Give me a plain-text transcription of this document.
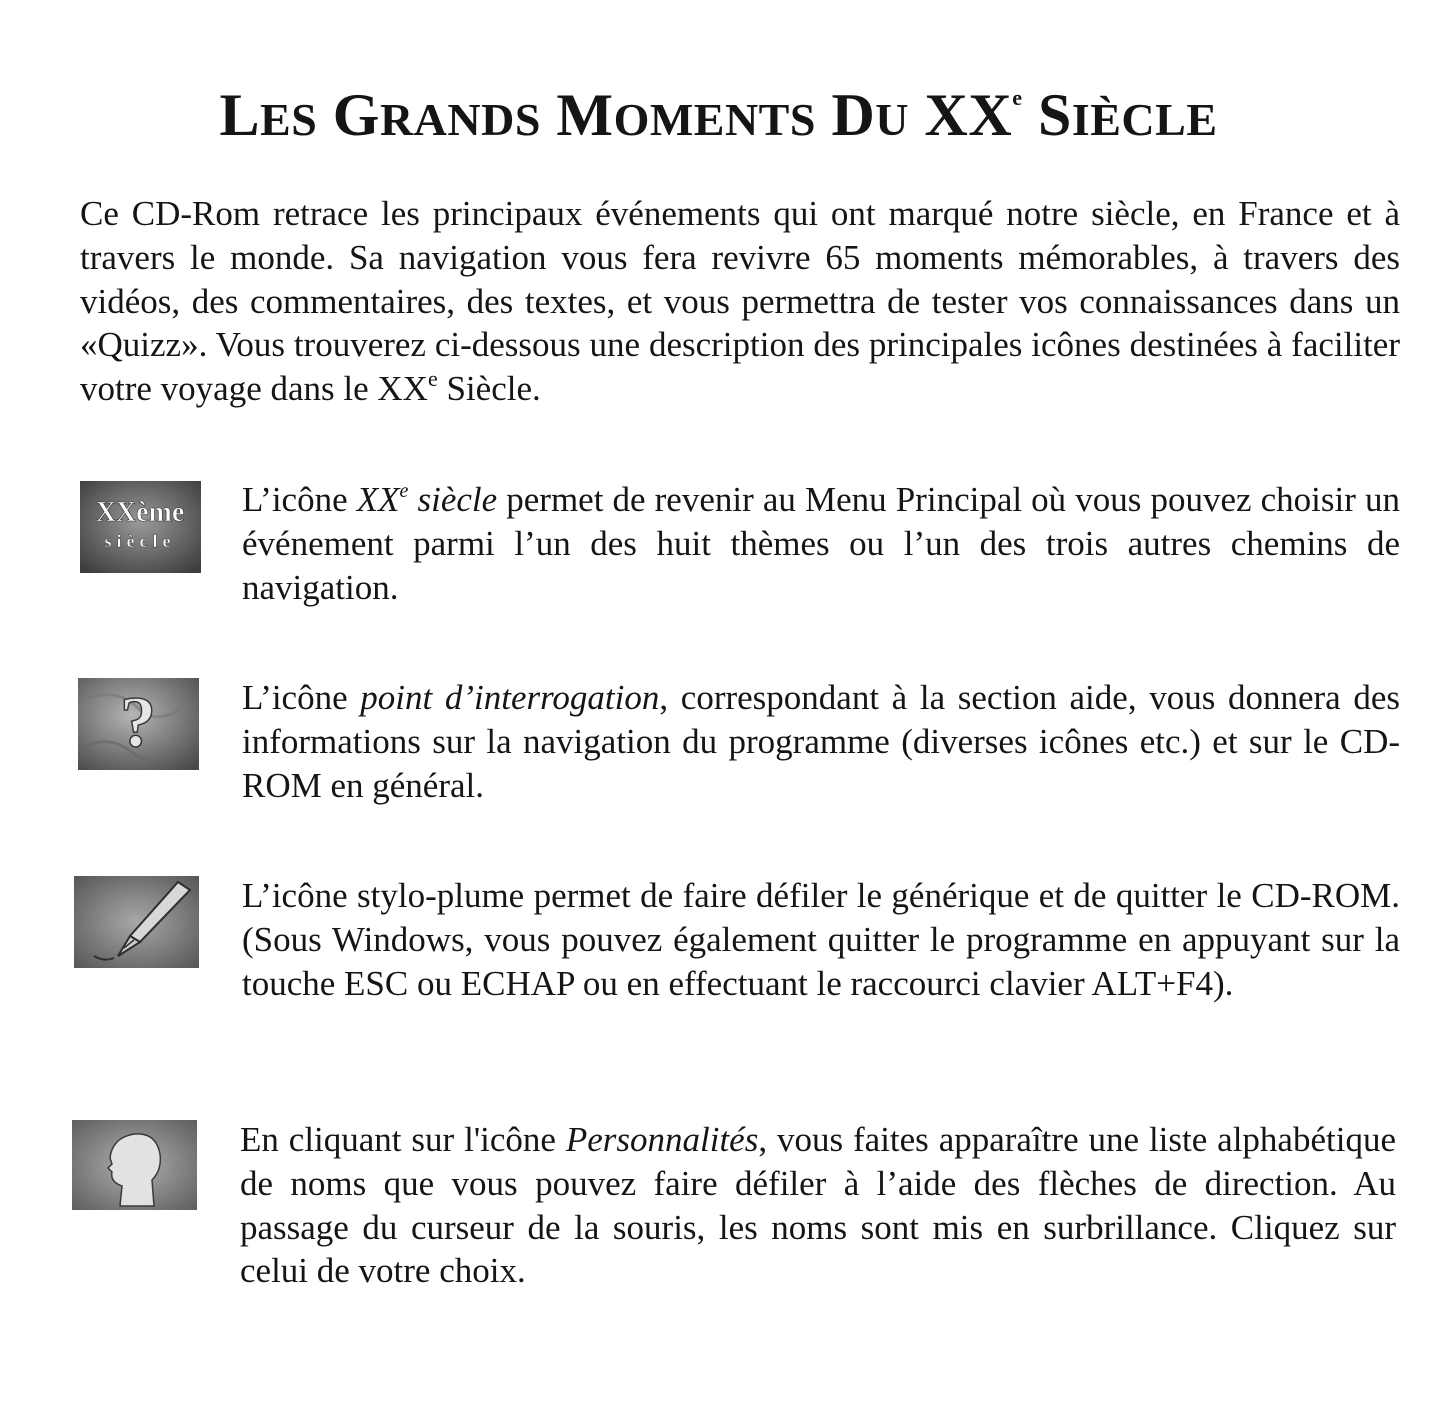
LES GRANDS MOMENTS DU XXe SIÈCLE

Ce CD-Rom retrace les principaux événements qui ont marqué notre siècle, en France et à travers le monde. Sa navigation vous fera revivre 65 moments mémorables, à travers des vidéos, des commentaires, des textes, et vous permettra de tester vos connaissances dans un «Quizz». Vous trouverez ci-dessous une description des principales icônes destinées à faciliter votre voyage dans le XXe Siècle.

XXème
siècle

L’icône XXe siècle permet de revenir au Menu Principal où vous pouvez choisir un événement parmi l’un des huit thèmes ou l’un des trois autres chemins de navigation.

? L’icône point d’interrogation, correspondant à la section aide, vous donnera des informations sur la navigation du programme (diverses icônes etc.) et sur le CD-ROM en général.

L’icône stylo-plume permet de faire défiler le générique et de quitter le CD-ROM. (Sous Windows, vous pouvez également quitter le programme en appuyant sur la touche ESC ou ECHAP ou en effectuant le raccourci clavier ALT+F4).

En cliquant sur l'icône Personnalités, vous faites apparaître une liste alphabétique de noms que vous pouvez faire défiler à l’aide des flèches de direction. Au passage du curseur de la souris, les noms sont mis en surbrillance. Cliquez sur celui de votre choix.
